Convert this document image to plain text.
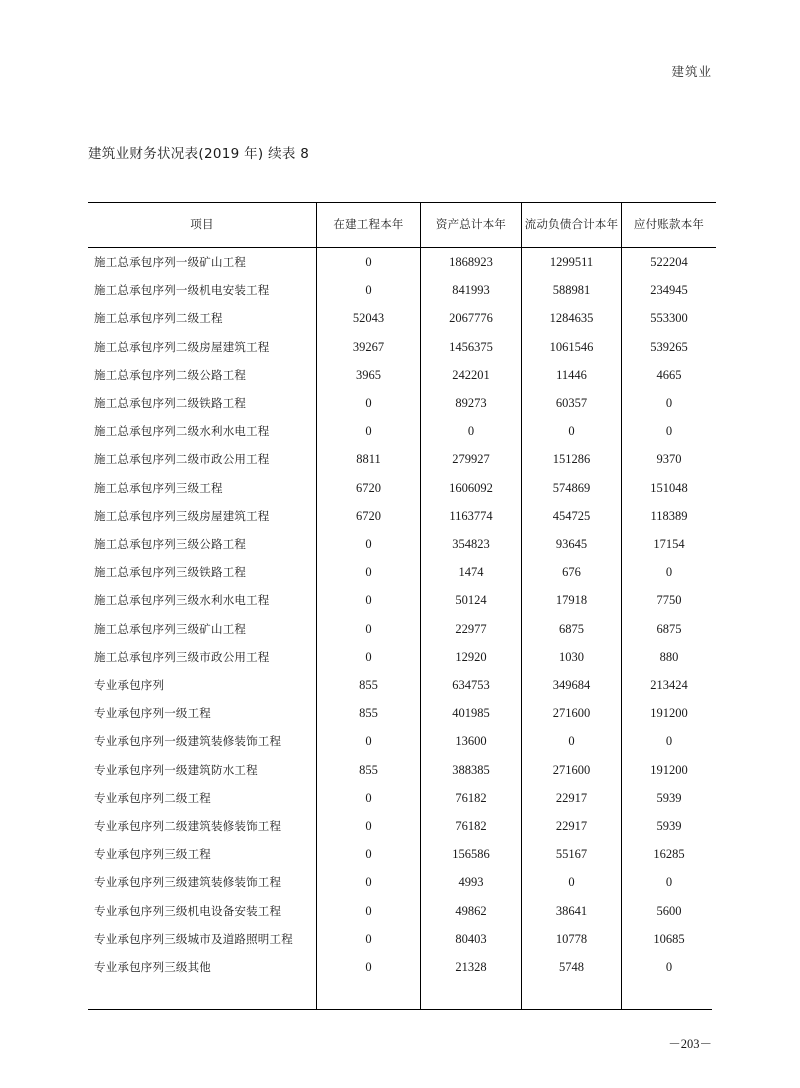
建筑业
建筑业财务状况表(2019 年) 续表 8
项目	在建工程本年	资产总计本年	流动负债合计本年	应付账款本年
施工总承包序列一级矿山工程	0	1868923	1299511	522204
施工总承包序列一级机电安装工程	0	841993	588981	234945
施工总承包序列二级工程	52043	2067776	1284635	553300
施工总承包序列二级房屋建筑工程	39267	1456375	1061546	539265
施工总承包序列二级公路工程	3965	242201	11446	4665
施工总承包序列二级铁路工程	0	89273	60357	0
施工总承包序列二级水利水电工程	0	0	0	0
施工总承包序列二级市政公用工程	8811	279927	151286	9370
施工总承包序列三级工程	6720	1606092	574869	151048
施工总承包序列三级房屋建筑工程	6720	1163774	454725	118389
施工总承包序列三级公路工程	0	354823	93645	17154
施工总承包序列三级铁路工程	0	1474	676	0
施工总承包序列三级水利水电工程	0	50124	17918	7750
施工总承包序列三级矿山工程	0	22977	6875	6875
施工总承包序列三级市政公用工程	0	12920	1030	880
专业承包序列	855	634753	349684	213424
专业承包序列一级工程	855	401985	271600	191200
专业承包序列一级建筑装修装饰工程	0	13600	0	0
专业承包序列一级建筑防水工程	855	388385	271600	191200
专业承包序列二级工程	0	76182	22917	5939
专业承包序列二级建筑装修装饰工程	0	76182	22917	5939
专业承包序列三级工程	0	156586	55167	16285
专业承包序列三级建筑装修装饰工程	0	4993	0	0
专业承包序列三级机电设备安装工程	0	49862	38641	5600
专业承包序列三级城市及道路照明工程	0	80403	10778	10685
专业承包序列三级其他	0	21328	5748	0

－203－
